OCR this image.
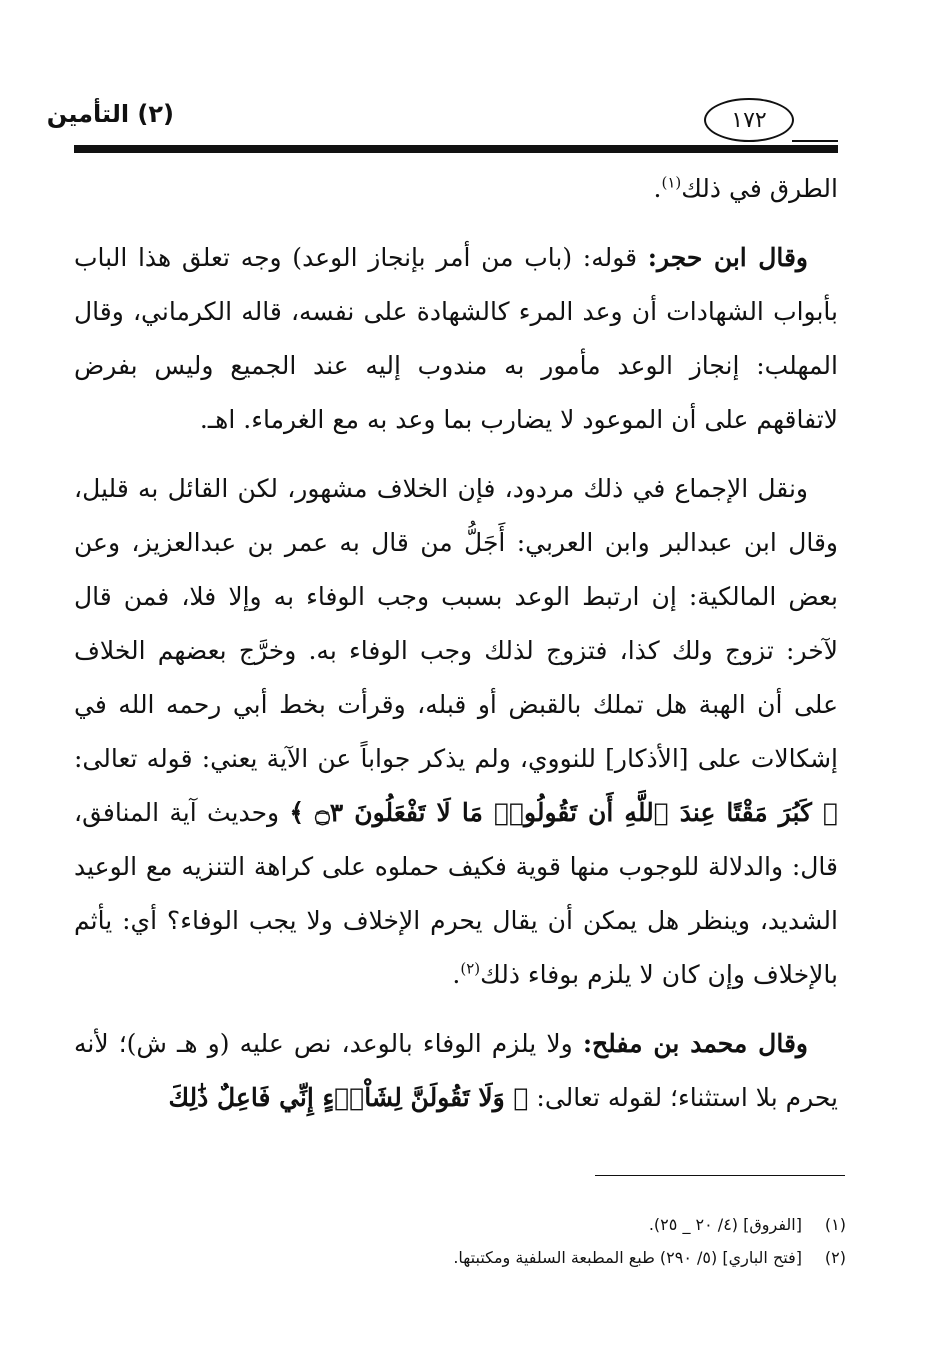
(٢) التأمين	١٧٢

الطرق في ذلك$^{(١)}$.

وقال ابن حجر: قوله: (باب من أمر بإنجاز الوعد) وجه تعلق هذا الباب بأبواب الشهادات أن وعد المرء كالشهادة على نفسه، قاله الكرماني، وقال المهلب: إنجاز الوعد مأمور به مندوب إليه عند الجميع وليس بفرض لاتفاقهم على أن الموعود لا يضارب بما وعد به مع الغرماء. اهـ.

ونقل الإجماع في ذلك مردود، فإن الخلاف مشهور، لكن القائل به قليل، وقال ابن عبدالبر وابن العربي: أَجَلُّ من قال به عمر بن عبدالعزيز، وعن بعض المالكية: إن ارتبط الوعد بسبب وجب الوفاء به وإلا فلا، فمن قال لآخر: تزوج ولك كذا، فتزوج لذلك وجب الوفاء به. وخرَّج بعضهم الخلاف على أن الهبة هل تملك بالقبض أو قبله، وقرأت بخط أبي رحمه الله في إشكالات على [الأذكار] للنووي، ولم يذكر جواباً عن الآية يعني: قوله تعالى: ﴿ كَبُرَ مَقْتًا عِندَ ٱللَّهِ أَن تَقُولُوا۟ مَا لَا تَفْعَلُونَ ۝٣ ﴾ وحديث آية المنافق، قال: والدلالة للوجوب منها قوية فكيف حملوه على كراهة التنزيه مع الوعيد الشديد، وينظر هل يمكن أن يقال يحرم الإخلاف ولا يجب الوفاء؟ أي: يأثم بالإخلاف وإن كان لا يلزم بوفاء ذلك$^{(٢)}$.

وقال محمد بن مفلح: ولا يلزم الوفاء بالوعد، نص عليه (و هـ ش)؛ لأنه يحرم بلا استثناء؛ لقوله تعالى: ﴿ وَلَا تَقُولَنَّ لِشَاْىۡءٍ إِنِّي فَاعِلٌ ذَٰلِكَ

(١)[الفروق] (٤/ ٢٠ _ ٢٥).
(٢)[فتح الباري] (٥/ ٢٩٠) طبع المطبعة السلفية ومكتبتها.
